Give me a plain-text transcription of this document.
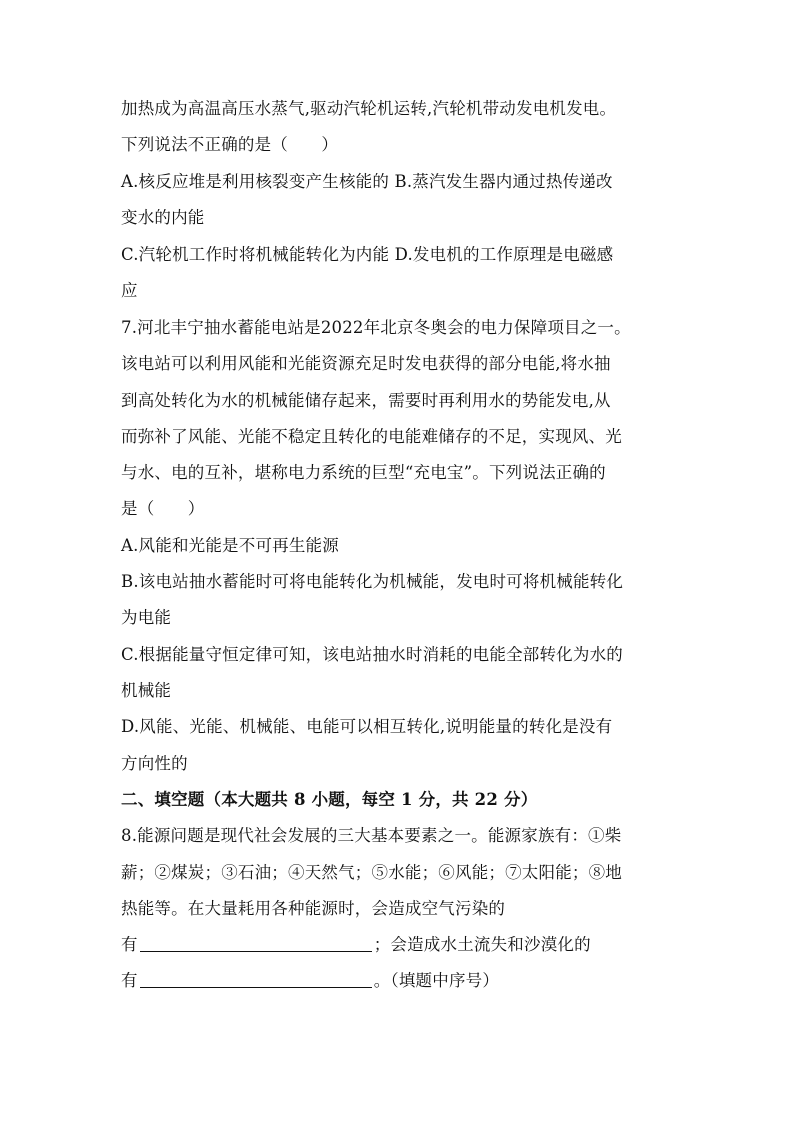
加热成为高温高压水蒸气,驱动汽轮机运转,汽轮机带动发电机发电。
下列说法不正确的是（　　）
A.核反应堆是利用核裂变产生核能的 B.蒸汽发生器内通过热传递改
变水的内能
C.汽轮机工作时将机械能转化为内能 D.发电机的工作原理是电磁感
应
7.河北丰宁抽水蓄能电站是2022年北京冬奥会的电力保障项目之一。
该电站可以利用风能和光能资源充足时发电获得的部分电能,将水抽
到高处转化为水的机械能储存起来，需要时再利用水的势能发电,从
而弥补了风能、光能不稳定且转化的电能难储存的不足，实现风、光
与水、电的互补，堪称电力系统的巨型“充电宝”。下列说法正确的
是（　　）
A.风能和光能是不可再生能源
B.该电站抽水蓄能时可将电能转化为机械能，发电时可将机械能转化
为电能
C.根据能量守恒定律可知，该电站抽水时消耗的电能全部转化为水的
机械能
D.风能、光能、机械能、电能可以相互转化,说明能量的转化是没有
方向性的
二、填空题（本大题共 8 小题，每空 1 分，共 22 分）
8.能源问题是现代社会发展的三大基本要素之一。能源家族有：①柴
薪；②煤炭；③石油；④天然气；⑤水能；⑥风能；⑦太阳能；⑧地
热能等。在大量耗用各种能源时，会造成空气污染的
有	；会造成水土流失和沙漠化的
有	。（填题中序号）
